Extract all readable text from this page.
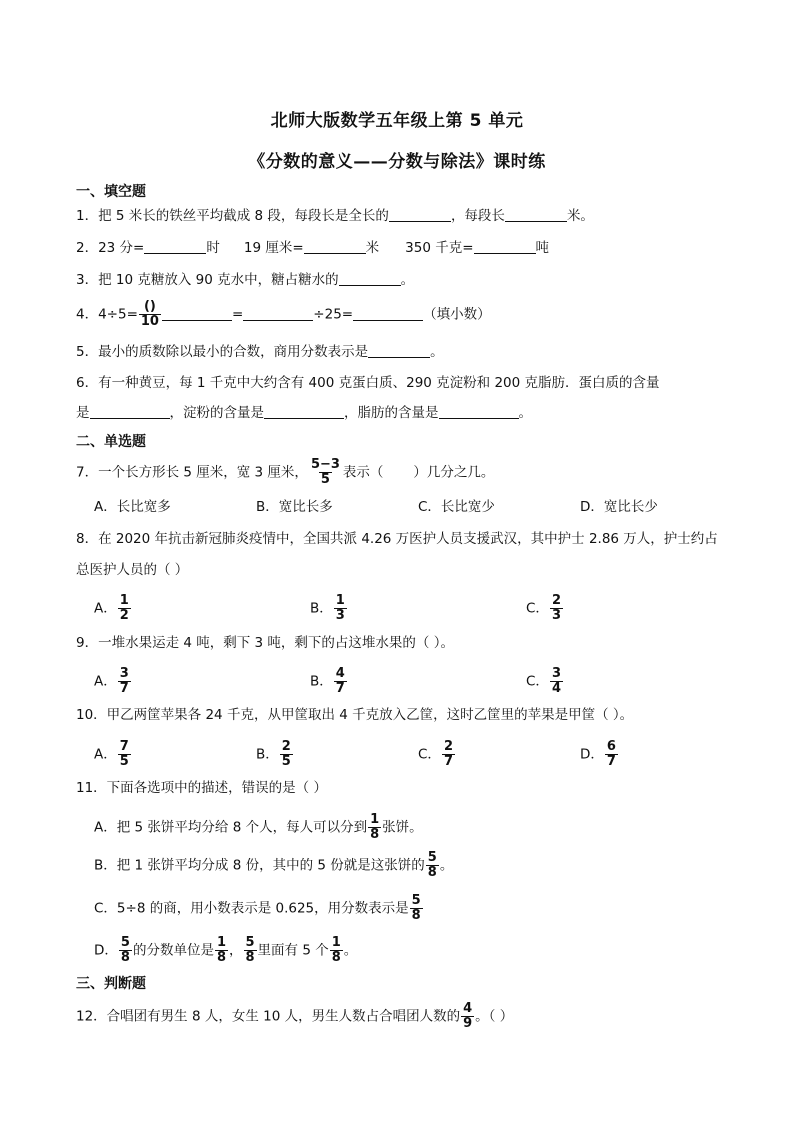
北师大版数学五年级上第 5 单元
《分数的意义——分数与除法》课时练
一、填空题
1．把 5 米长的铁丝平均截成 8 段，每段长是全长的	，每段长	米。
2．23 分=	时 19 厘米=	米 350 千克=	吨
3．把 10 克糖放入 90 克水中，糖占糖水的	。
4．$4\div 5= \frac{()}{10}$	=	÷25=	（填小数）
5．最小的质数除以最小的合数，商用分数表示是	。
6．有一种黄豆，每 1 千克中大约含有 400 克蛋白质、290 克淀粉和 200 克脂肪．蛋白质的含量
是	，淀粉的含量是	，脂肪的含量是	。
二、单选题
7．一个长方形长 5 厘米，宽 3 厘米， $\frac{5-3}{5}$ 表示（ ）几分之几。
A．长比宽多	B．宽比长多	C．长比宽少	D．宽比长少
8．在 2020 年抗击新冠肺炎疫情中，全国共派 4.26 万医护人员支援武汉，其中护士 2.86 万人，护士约占
总医护人员的（ ）
A． $\frac{1}{2}$	B． $\frac{1}{3}$	C． $\frac{2}{3}$
9．一堆水果运走 4 吨，剩下 3 吨，剩下的占这堆水果的（ ）。
A． $\frac{3}{7}$	B． $\frac{4}{7}$	C． $\frac{3}{4}$
10．甲乙两筐苹果各 24 千克，从甲筐取出 4 千克放入乙筐，这时乙筐里的苹果是甲筐（ ）。
A． $\frac{7}{5}$	B． $\frac{2}{5}$	C． $\frac{2}{7}$	D． $\frac{6}{7}$
11．下面各选项中的描述，错误的是（ ）
A．把 5 张饼平均分给 8 个人，每人可以分到 $\frac{1}{8}$ 张饼。
B．把 1 张饼平均分成 8 份，其中的 5 份就是这张饼的 $\frac{5}{8}$ 。
C．5÷8 的商，用小数表示是 0.625，用分数表示是 $\frac{5}{8}$
D． $\frac{5}{8}$ 的分数单位是 $\frac{1}{8}$ ， $\frac{5}{8}$ 里面有 5 个 $\frac{1}{8}$ 。
三、判断题
12．合唱团有男生 8 人，女生 10 人，男生人数占合唱团人数的 $\frac{4}{9}$ 。（ ）
